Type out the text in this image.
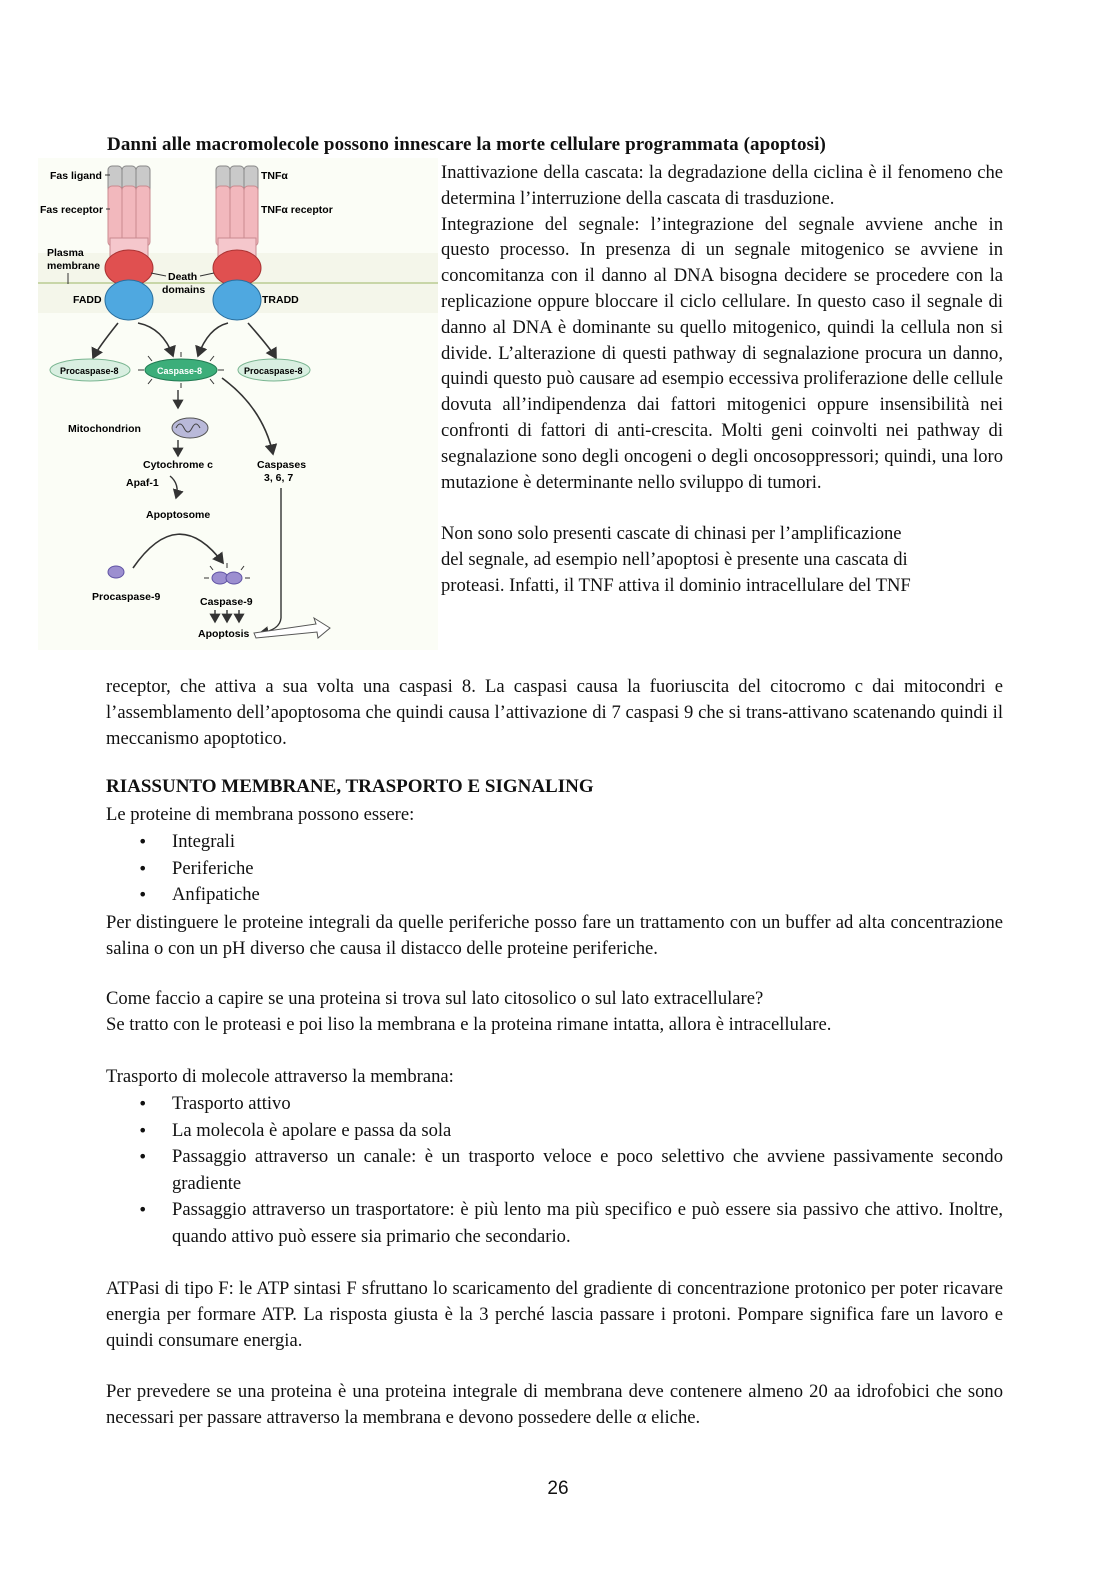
Danni alle macromolecole possono innescare la morte cellulare programmata (apoptosi)
Fas ligand
Fas receptor
Plasma
membrane
FADD
Death
domains
TNFα
TNFα receptor
TRADD
Procaspase-8	Caspase-8	Procaspase-8
Mitochondrion
Cytochrome c
Apaf-1
Apoptosome
Caspases
3, 6, 7
Procaspase-9	Caspase-9
Apoptosis

Inattivazione della cascata: la degradazione della ciclina è il fenomeno che determina l’interruzione della cascata di trasduzione.

Integrazione del segnale: l’integrazione del segnale avviene anche in questo processo. In presenza di un segnale mitogenico se avviene in concomitanza con il danno al DNA bisogna decidere se procedere con la replicazione oppure bloccare il ciclo cellulare. In questo caso il segnale di danno al DNA è dominante su quello mitogenico, quindi la cellula non si divide. L’alterazione di questi pathway di segnalazione procura un danno, quindi questo può causare ad esempio eccessiva proliferazione delle cellule dovuta all’indipendenza dai fattori mitogenici oppure insensibilità nei confronti di fattori di anti-crescita. Molti geni coinvolti nei pathway di segnalazione sono degli oncogeni o degli oncosoppressori; quindi, una loro mutazione è determinante nello sviluppo di tumori.

Non sono solo presenti cascate di chinasi per l’amplificazione

del segnale, ad esempio nell’apoptosi è presente una cascata di

proteasi. Infatti, il TNF attiva il dominio intracellulare del TNF

receptor, che attiva a sua volta una caspasi 8. La caspasi causa la fuoriuscita del citocromo c dai mitocondri e l’assemblamento dell’apoptosoma che quindi causa l’attivazione di 7 caspasi 9 che si trans-attivano scatenando quindi il meccanismo apoptotico.

RIASSUNTO MEMBRANE, TRASPORTO E SIGNALING

Le proteine di membrana possono essere:

• Integrali
• Periferiche
• Anfipatiche

Per distinguere le proteine integrali da quelle periferiche posso fare un trattamento con un buffer ad alta concentrazione salina o con un pH diverso che causa il distacco delle proteine periferiche.

Come faccio a capire se una proteina si trova sul lato citosolico o sul lato extracellulare?

Se tratto con le proteasi e poi liso la membrana e la proteina rimane intatta, allora è intracellulare.

Trasporto di molecole attraverso la membrana:

• Trasporto attivo
• La molecola è apolare e passa da sola
• Passaggio attraverso un canale: è un trasporto veloce e poco selettivo che avviene passivamente secondo gradiente
• Passaggio attraverso un trasportatore: è più lento ma più specifico e può essere sia passivo che attivo. Inoltre, quando attivo può essere sia primario che secondario.

ATPasi di tipo F: le ATP sintasi F sfruttano lo scaricamento del gradiente di concentrazione protonico per poter ricavare energia per formare ATP. La risposta giusta è la 3 perché lascia passare i protoni. Pompare significa fare un lavoro e quindi consumare energia.

Per prevedere se una proteina è una proteina integrale di membrana deve contenere almeno 20 aa idrofobici che sono necessari per passare attraverso la membrana e devono possedere delle α eliche.

26
